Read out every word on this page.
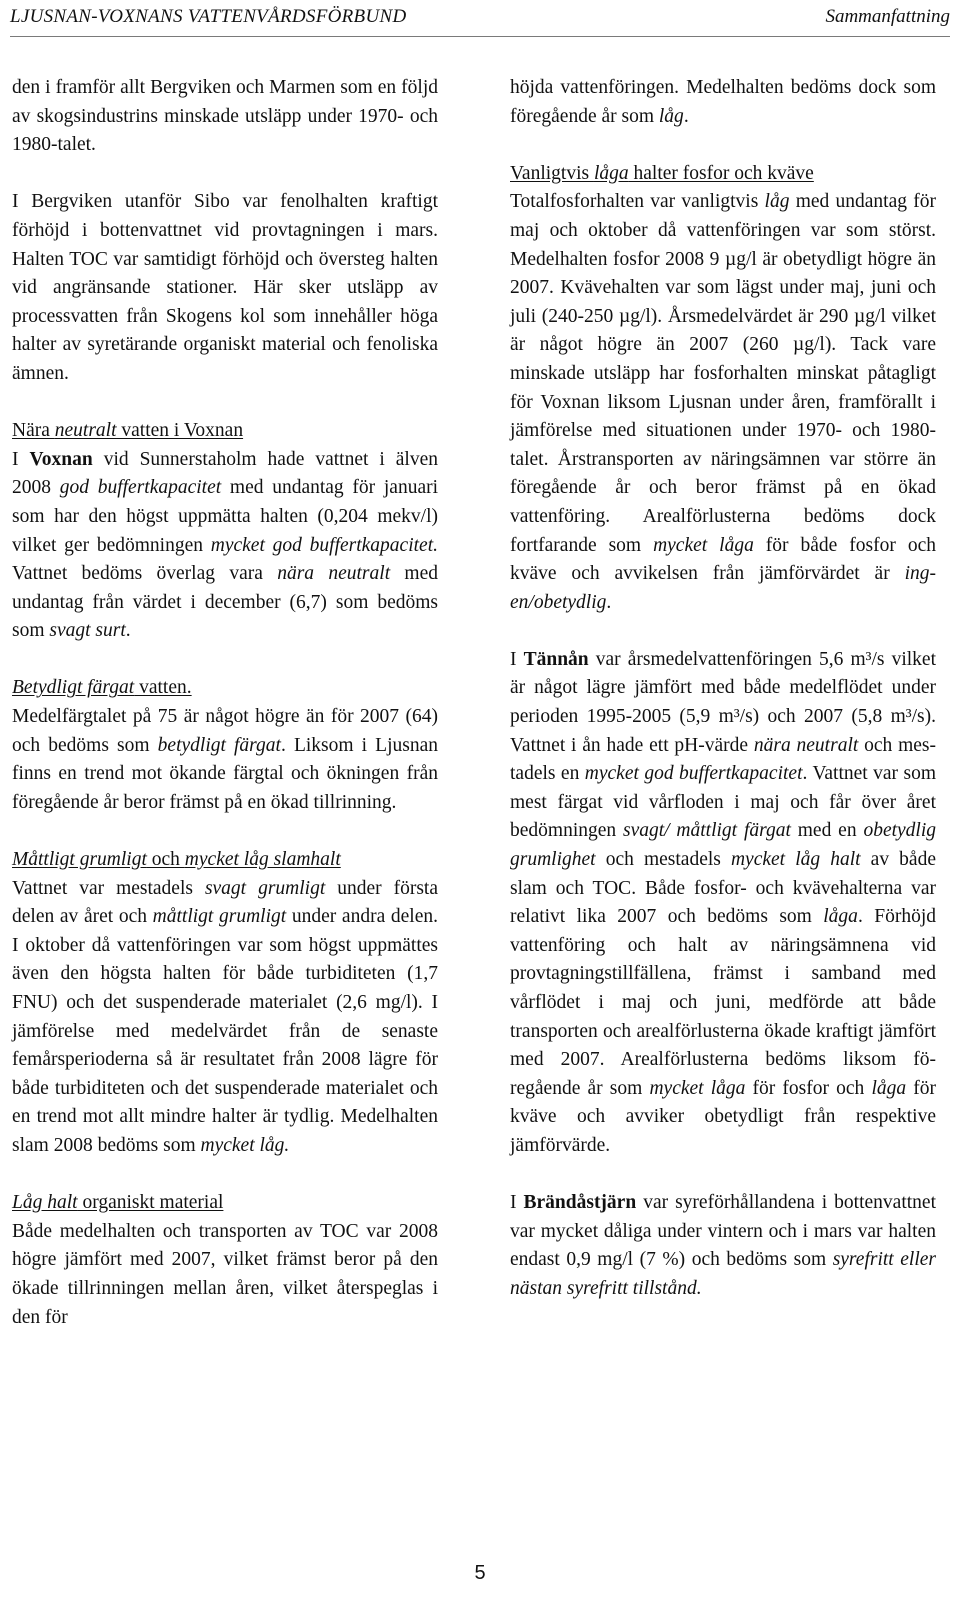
LJUSNAN-VOXNANS VATTENVÅRDSFÖRBUND	Sammanfattning

den i framför allt Bergviken och Marmen som en följd av skogsindustrins minskade utsläpp under 1970- och 1980-talet.

I Bergviken utanför Sibo var fenolhalten kraftigt förhöjd i bottenvattnet vid provtagningen i mars. Halten TOC var samtidigt förhöjd och översteg halten vid angränsande stationer. Här sker utsläpp av processvatten från Skogens kol som innehåller höga halter av syretärande organiskt material och fenoliska ämnen.

Nära neutralt vatten i Voxnan

I Voxnan vid Sunnerstaholm hade vattnet i älven 2008 god buffertkapacitet med undantag för januari som har den högst uppmätta halten (0,204 mekv/l) vilket ger bedömningen mycket god buffertkapacitet. Vattnet bedöms överlag vara nära neutralt med undantag från värdet i december (6,7) som bedöms som svagt surt.

Betydligt färgat vatten.

Medelfärgtalet på 75 är något högre än för 2007 (64) och bedöms som betydligt färgat. Liksom i Ljusnan finns en trend mot ökande färgtal och ökningen från föregående år beror främst på en ökad tillrinning.

Måttligt grumligt och mycket låg slamhalt

Vattnet var mestadels svagt grumligt under första delen av året och måttligt grumligt under andra delen. I oktober då vattenföringen var som högst uppmättes även den högsta halten för både turbiditeten (1,7 FNU) och det suspenderade materialet (2,6 mg/l). I jämförelse med medelvärdet från de senaste femårsperioderna så är resultatet från 2008 lägre för både turbiditeten och det suspenderade materialet och en trend mot allt mindre halter är tydlig. Medelhalten slam 2008 bedöms som mycket låg.

Låg halt organiskt material

Både medelhalten och transporten av TOC var 2008 högre jämfört med 2007, vilket främst beror på den ökade tillrinningen mellan åren, vilket återspeglas i den för

höjda vattenföringen. Medelhalten bedöms dock som föregående år som låg.

Vanligtvis låga halter fosfor och kväve

Totalfosforhalten var vanligtvis låg med undantag för maj och oktober då vattenföringen var som störst. Medelhalten fosfor 2008 9 µg/l är obetydligt högre än 2007. Kvävehalten var som lägst under maj, juni och juli (240-250 µg/l). Årsmedelvärdet är 290 µg/l vilket är något högre än 2007 (260 µg/l). Tack vare minskade utsläpp har fosforhalten minskat påtagligt för Voxnan liksom Ljusnan under åren, framförallt i jämförelse med situationen under 1970- och 1980-talet. Årstransporten av näringsämnen var större än föregående år och beror främst på en ökad vattenföring. Arealförlusterna bedöms dock fortfarande som mycket låga för både fosfor och kväve och avvikelsen från jämförvärdet är ingen/obetydlig.

I Tännån var årsmedelvattenföringen 5,6 m³/s vilket är något lägre jämfört med både medelflödet under perioden 1995-2005 (5,9 m³/s) och 2007 (5,8 m³/s). Vattnet i ån hade ett pH-värde nära neutralt och mestadels en mycket god buffertkapacitet. Vattnet var som mest färgat vid vårfloden i maj och får över året bedömningen svagt/ måttligt färgat med en obetydlig grumlighet och mestadels mycket låg halt av både slam och TOC. Både fosfor- och kvävehalterna var relativt lika 2007 och bedöms som låga. Förhöjd vattenföring och halt av näringsämnena vid provtagningstillfällena, främst i samband med vårflödet i maj och juni, medförde att både transporten och arealförlusterna ökade kraftigt jämfört med 2007. Arealförlusterna bedöms liksom föregående år som mycket låga för fosfor och låga för kväve och avviker obetydligt från respektive jämförvärde.

I Brändåstjärn var syreförhållandena i bottenvattnet var mycket dåliga under vintern och i mars var halten endast 0,9 mg/l (7 %) och bedöms som syrefritt eller nästan syrefritt tillstånd.

5
